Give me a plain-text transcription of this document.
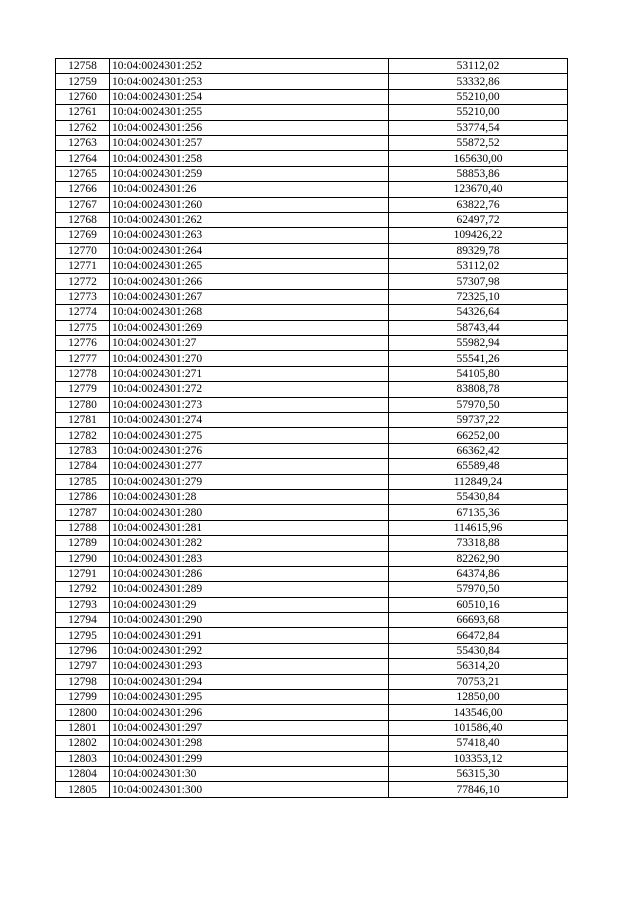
12758	10:04:0024301:252	53112,02
12759	10:04:0024301:253	53332,86
12760	10:04:0024301:254	55210,00
12761	10:04:0024301:255	55210,00
12762	10:04:0024301:256	53774,54
12763	10:04:0024301:257	55872,52
12764	10:04:0024301:258	165630,00
12765	10:04:0024301:259	58853,86
12766	10:04:0024301:26	123670,40
12767	10:04:0024301:260	63822,76
12768	10:04:0024301:262	62497,72
12769	10:04:0024301:263	109426,22
12770	10:04:0024301:264	89329,78
12771	10:04:0024301:265	53112,02
12772	10:04:0024301:266	57307,98
12773	10:04:0024301:267	72325,10
12774	10:04:0024301:268	54326,64
12775	10:04:0024301:269	58743,44
12776	10:04:0024301:27	55982,94
12777	10:04:0024301:270	55541,26
12778	10:04:0024301:271	54105,80
12779	10:04:0024301:272	83808,78
12780	10:04:0024301:273	57970,50
12781	10:04:0024301:274	59737,22
12782	10:04:0024301:275	66252,00
12783	10:04:0024301:276	66362,42
12784	10:04:0024301:277	65589,48
12785	10:04:0024301:279	112849,24
12786	10:04:0024301:28	55430,84
12787	10:04:0024301:280	67135,36
12788	10:04:0024301:281	114615,96
12789	10:04:0024301:282	73318,88
12790	10:04:0024301:283	82262,90
12791	10:04:0024301:286	64374,86
12792	10:04:0024301:289	57970,50
12793	10:04:0024301:29	60510,16
12794	10:04:0024301:290	66693,68
12795	10:04:0024301:291	66472,84
12796	10:04:0024301:292	55430,84
12797	10:04:0024301:293	56314,20
12798	10:04:0024301:294	70753,21
12799	10:04:0024301:295	12850,00
12800	10:04:0024301:296	143546,00
12801	10:04:0024301:297	101586,40
12802	10:04:0024301:298	57418,40
12803	10:04:0024301:299	103353,12
12804	10:04:0024301:30	56315,30
12805	10:04:0024301:300	77846,10
